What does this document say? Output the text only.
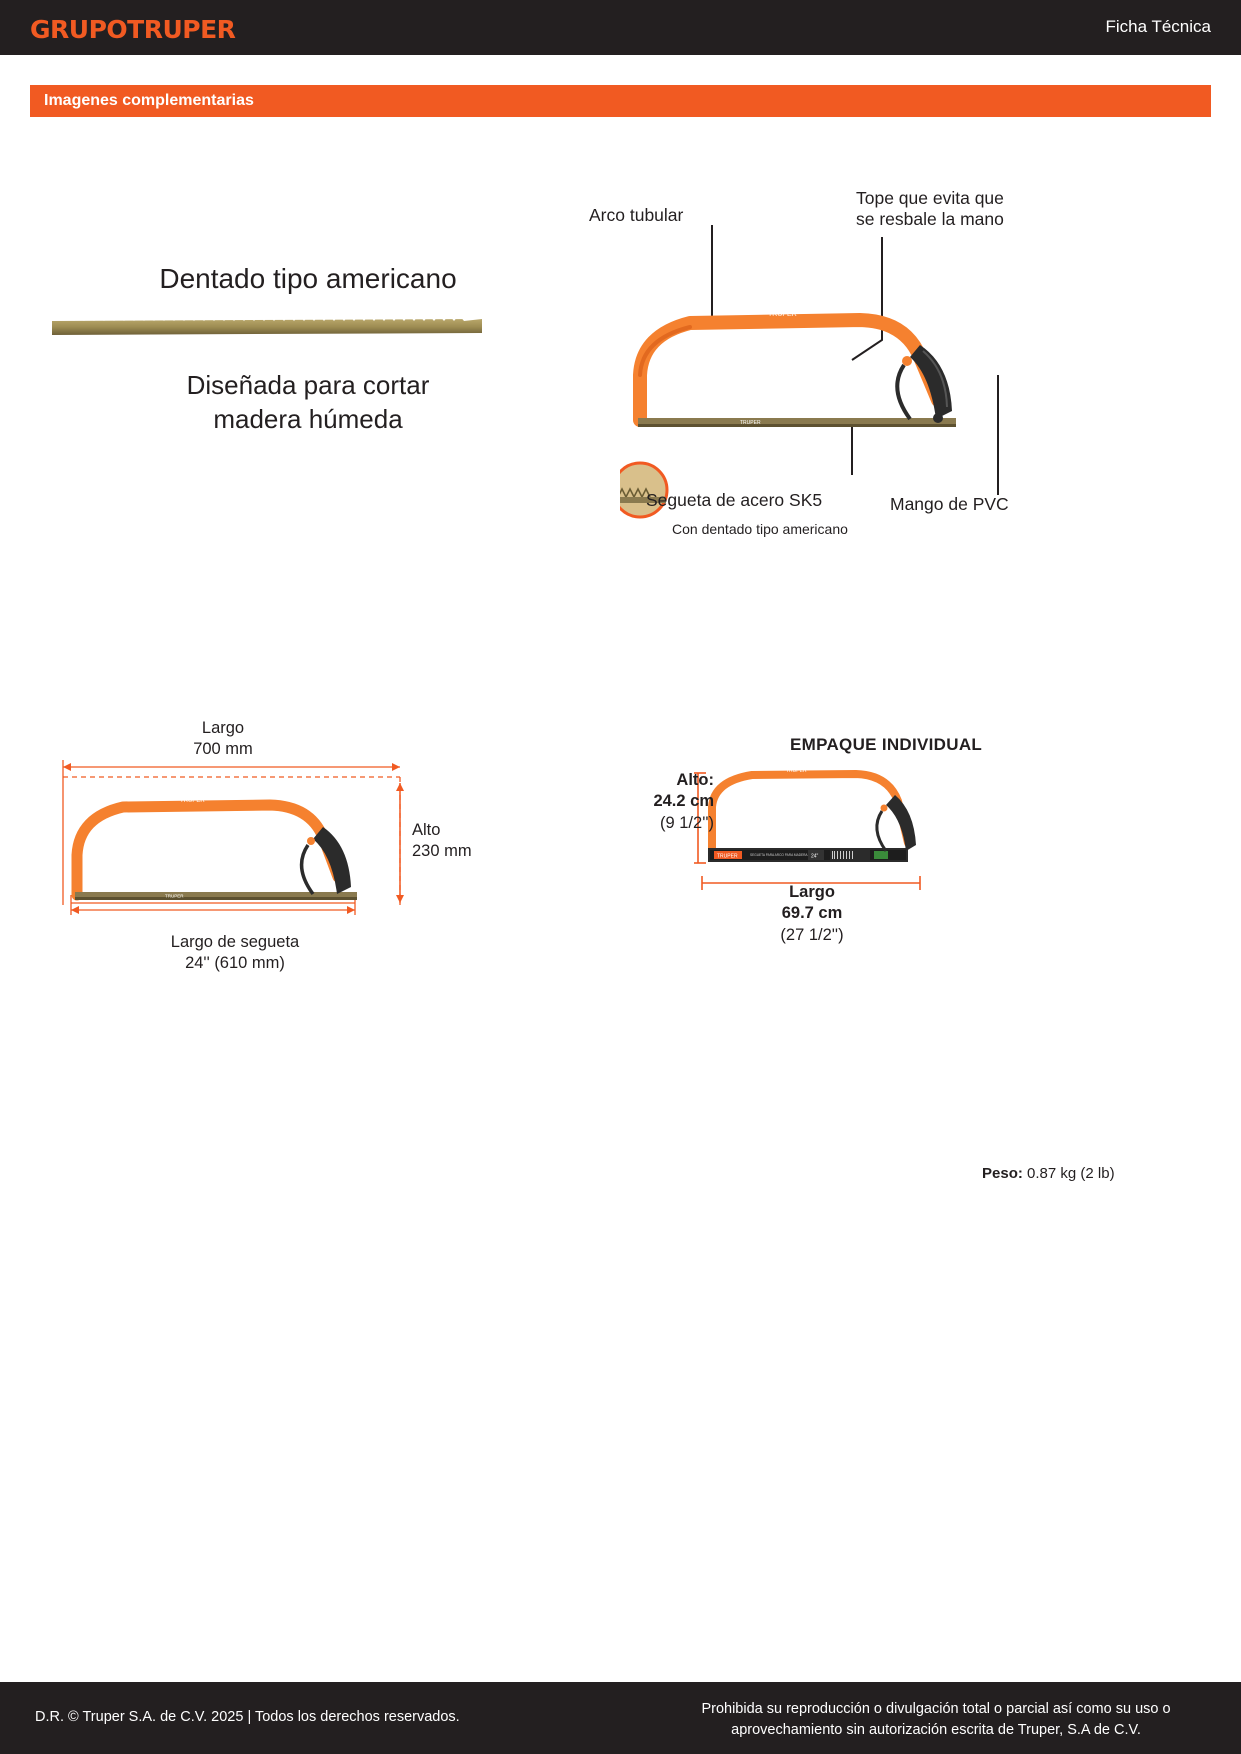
GRUPOTRUPER	Ficha Técnica
Imagenes complementarias
Dentado tipo americano
Diseñada para cortar
madera húmeda	TRUPER
TRUPER
Arco tubular
Tope que evita que
se resbale la mano
Mango de PVC
Segueta de acero SK5
Con dentado tipo americano
EMPAQUE INDIVIDUAL
TRUPER
TRUPER
Largo
700 mm
Alto
230 mm
Largo de segueta
24'' (610 mm)
TRUPER	SEGUETA PARA ARCO PARA MADERA 24"
TRUPER
Alto:
24.2 cm
(9 1/2'')
Largo
69.7 cm
(27 1/2'')
Peso: 0.87 kg (2 lb)
D.R. © Truper S.A. de C.V. 2025 | Todos los derechos reservados.	Prohibida su reproducción o divulgación total o parcial así como su uso o
aprovechamiento sin autorización escrita de Truper, S.A de C.V.
